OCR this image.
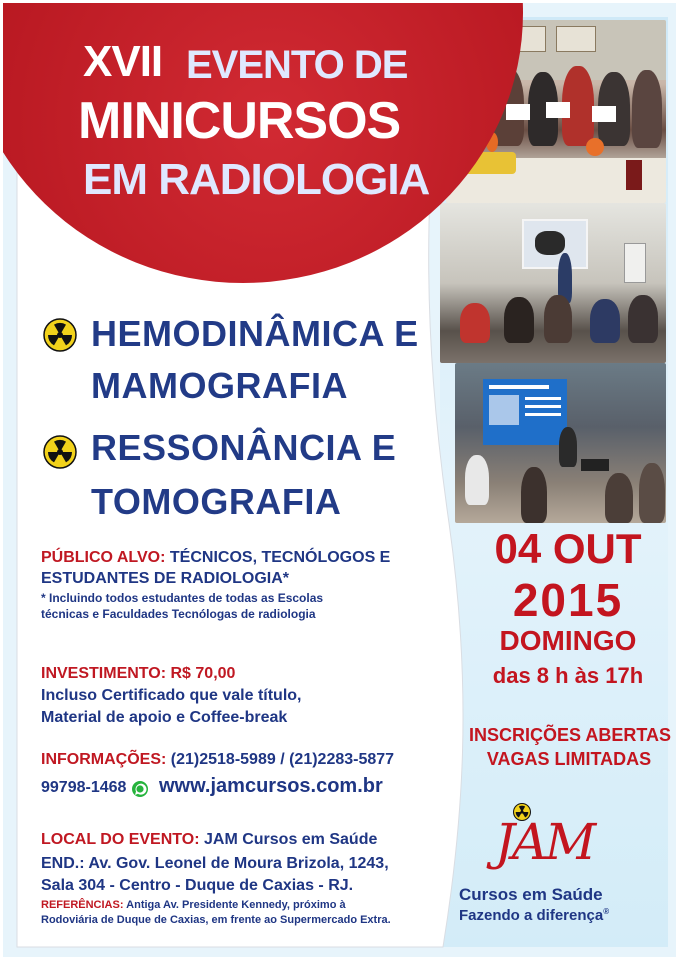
XVII EVENTO DE
MINICURSOS
EM RADIOLOGIA
HEMODINÂMICA E
MAMOGRAFIA
RESSONÂNCIA E
TOMOGRAFIA
PÚBLICO ALVO: TÉCNICOS, TECNÓLOGOS E
ESTUDANTES DE RADIOLOGIA*
* Incluindo todos estudantes de todas as Escolas
técnicas e Faculdades Tecnólogas de radiologia
INVESTIMENTO: R$ 70,00
Incluso Certificado que vale título,
Material de apoio e Coffee-break
INFORMAÇÕES: (21)2518-5989 / (21)2283-5877
99798-1468 www.jamcursos.com.br
LOCAL DO EVENTO: JAM Cursos em Saúde
END.: Av. Gov. Leonel de Moura Brizola, 1243,
Sala 304 - Centro - Duque de Caxias - RJ.
REFERÊNCIAS: Antiga Av. Presidente Kennedy, próximo à
Rodoviária de Duque de Caxias, em frente ao Supermercado Extra.
04 OUT
2015
DOMINGO
das 8 h às 17h
INSCRIÇÕES ABERTAS
VAGAS LIMITADAS
JAM
Cursos em Saúde
Fazendo a diferença®
